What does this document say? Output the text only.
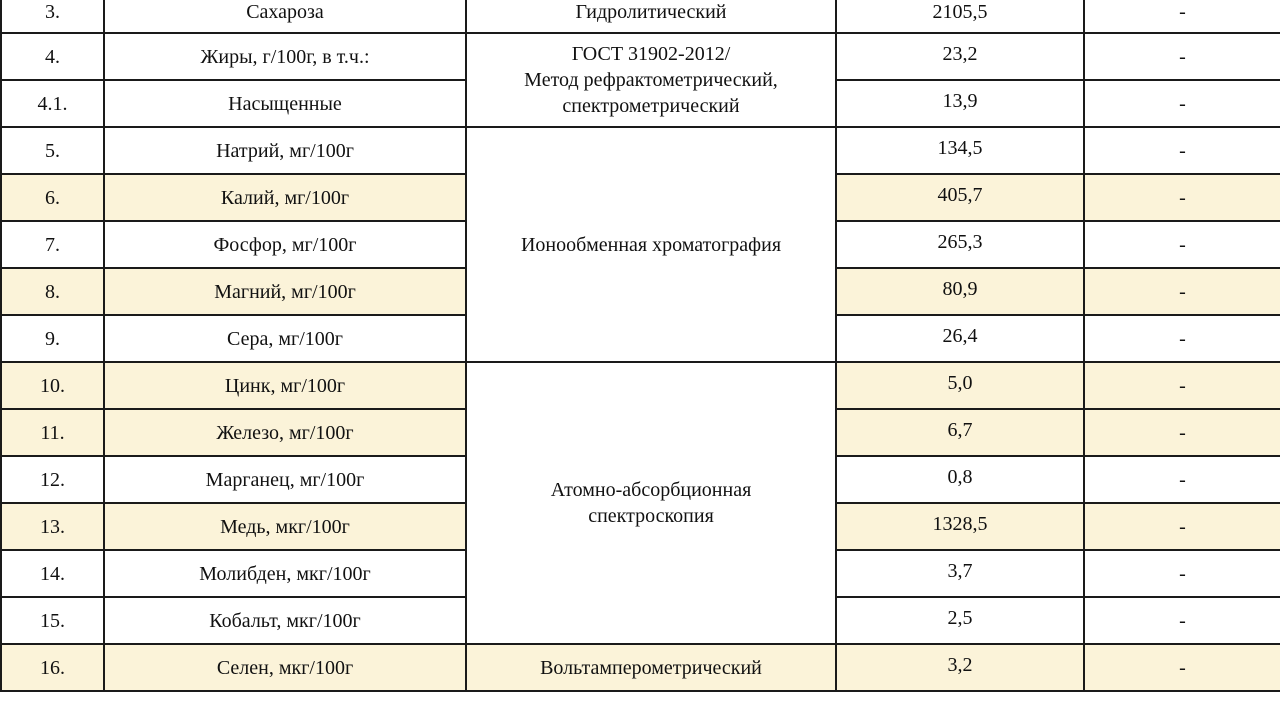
3.	Сахароза	Гидролитический	2105,5	-
4.	Жиры, г/100г, в т.ч.:	ГОСТ 31902-2012/
Метод рефрактометрический,
спектрометрический	23,2	-
4.1.	Насыщенные		13,9	-
5.	Натрий, мг/100г	Ионообменная хроматография	134,5	-
6.	Калий, мг/100г		405,7	-
7.	Фосфор, мг/100г		265,3	-
8.	Магний, мг/100г		80,9	-
9.	Сера, мг/100г		26,4	-
10.	Цинк, мг/100г	Атомно-абсорбционная
спектроскопия	5,0	-
11.	Железо, мг/100г		6,7	-
12.	Марганец, мг/100г		0,8	-
13.	Медь, мкг/100г		1328,5	-
14.	Молибден, мкг/100г		3,7	-
15.	Кобальт, мкг/100г		2,5	-
16.	Селен, мкг/100г	Вольтамперометрический	3,2	-
